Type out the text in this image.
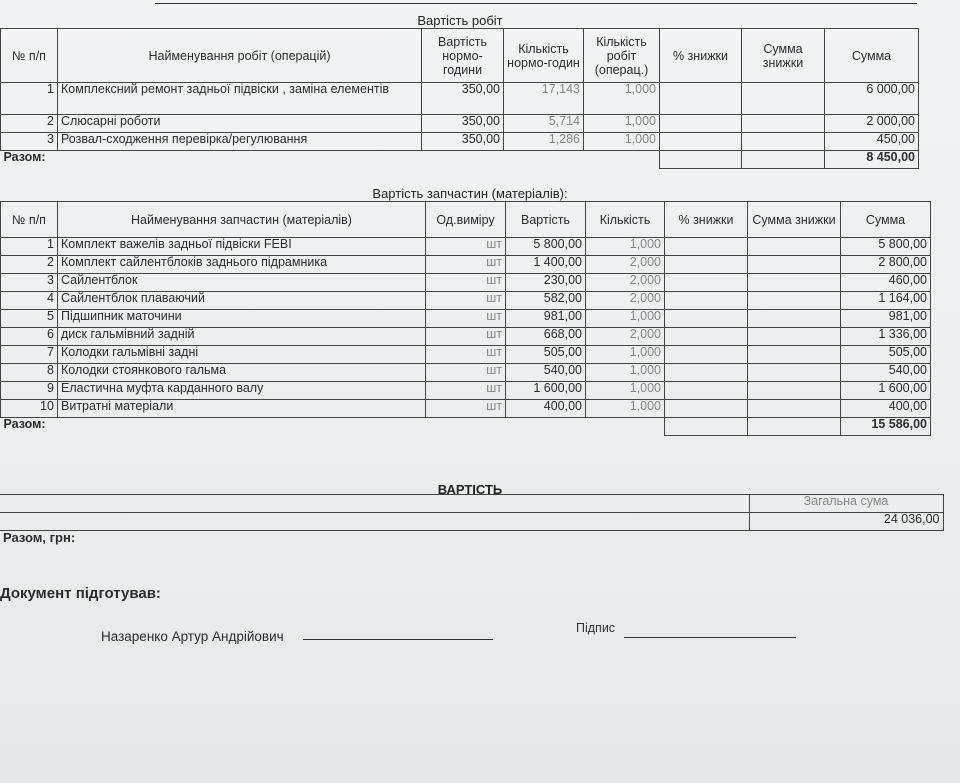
Вартість робіт
№ п/п	Найменування робіт (операцій)	Вартість нормо-години	Кількість нормо-годин	Кількість робіт (операц.)	% знижки	Сумма знижки	Сумма
1	Комплексний ремонт задньої підвіски , заміна елементів	350,00	17,143	1,000			6 000,00
2	Слюсарні роботи	350,00	5,714	1,000			2 000,00
3	Розвал-сходження перевірка/регулювання	350,00	1,286	1,000			450,00
Разом:							8 450,00
Вартість запчастин (матеріалів):
№ п/п	Найменування запчастин (матеріалів)	Од.виміру	Вартість	Кількість	% знижки	Сумма знижки	Сумма
1	Комплект важелів задньої підвіски FEBI	шт	5 800,00	1,000			5 800,00
2	Комплект сайлентблоків заднього підрамника	шт	1 400,00	2,000			2 800,00
3	Сайлентблок	шт	230,00	2,000			460,00
4	Сайлентблок плаваючий	шт	582,00	2,000			1 164,00
5	Підшипник маточини	шт	981,00	1,000			981,00
6	диск гальмівний задній	шт	668,00	2,000			1 336,00
7	Колодки гальмівні задні	шт	505,00	1,000			505,00
8	Колодки стоянкового гальма	шт	540,00	1,000			540,00
9	Еластична муфта карданного валу	шт	1 600,00	1,000			1 600,00
10	Витратні матеріали	шт	400,00	1,000			400,00
Разом:							15 586,00
ВАРТІСТЬ
	Загальна сума
	24 036,00
Разом, грн:	
Документ підготував:
Назаренко Артур Андрійович
Підпис
